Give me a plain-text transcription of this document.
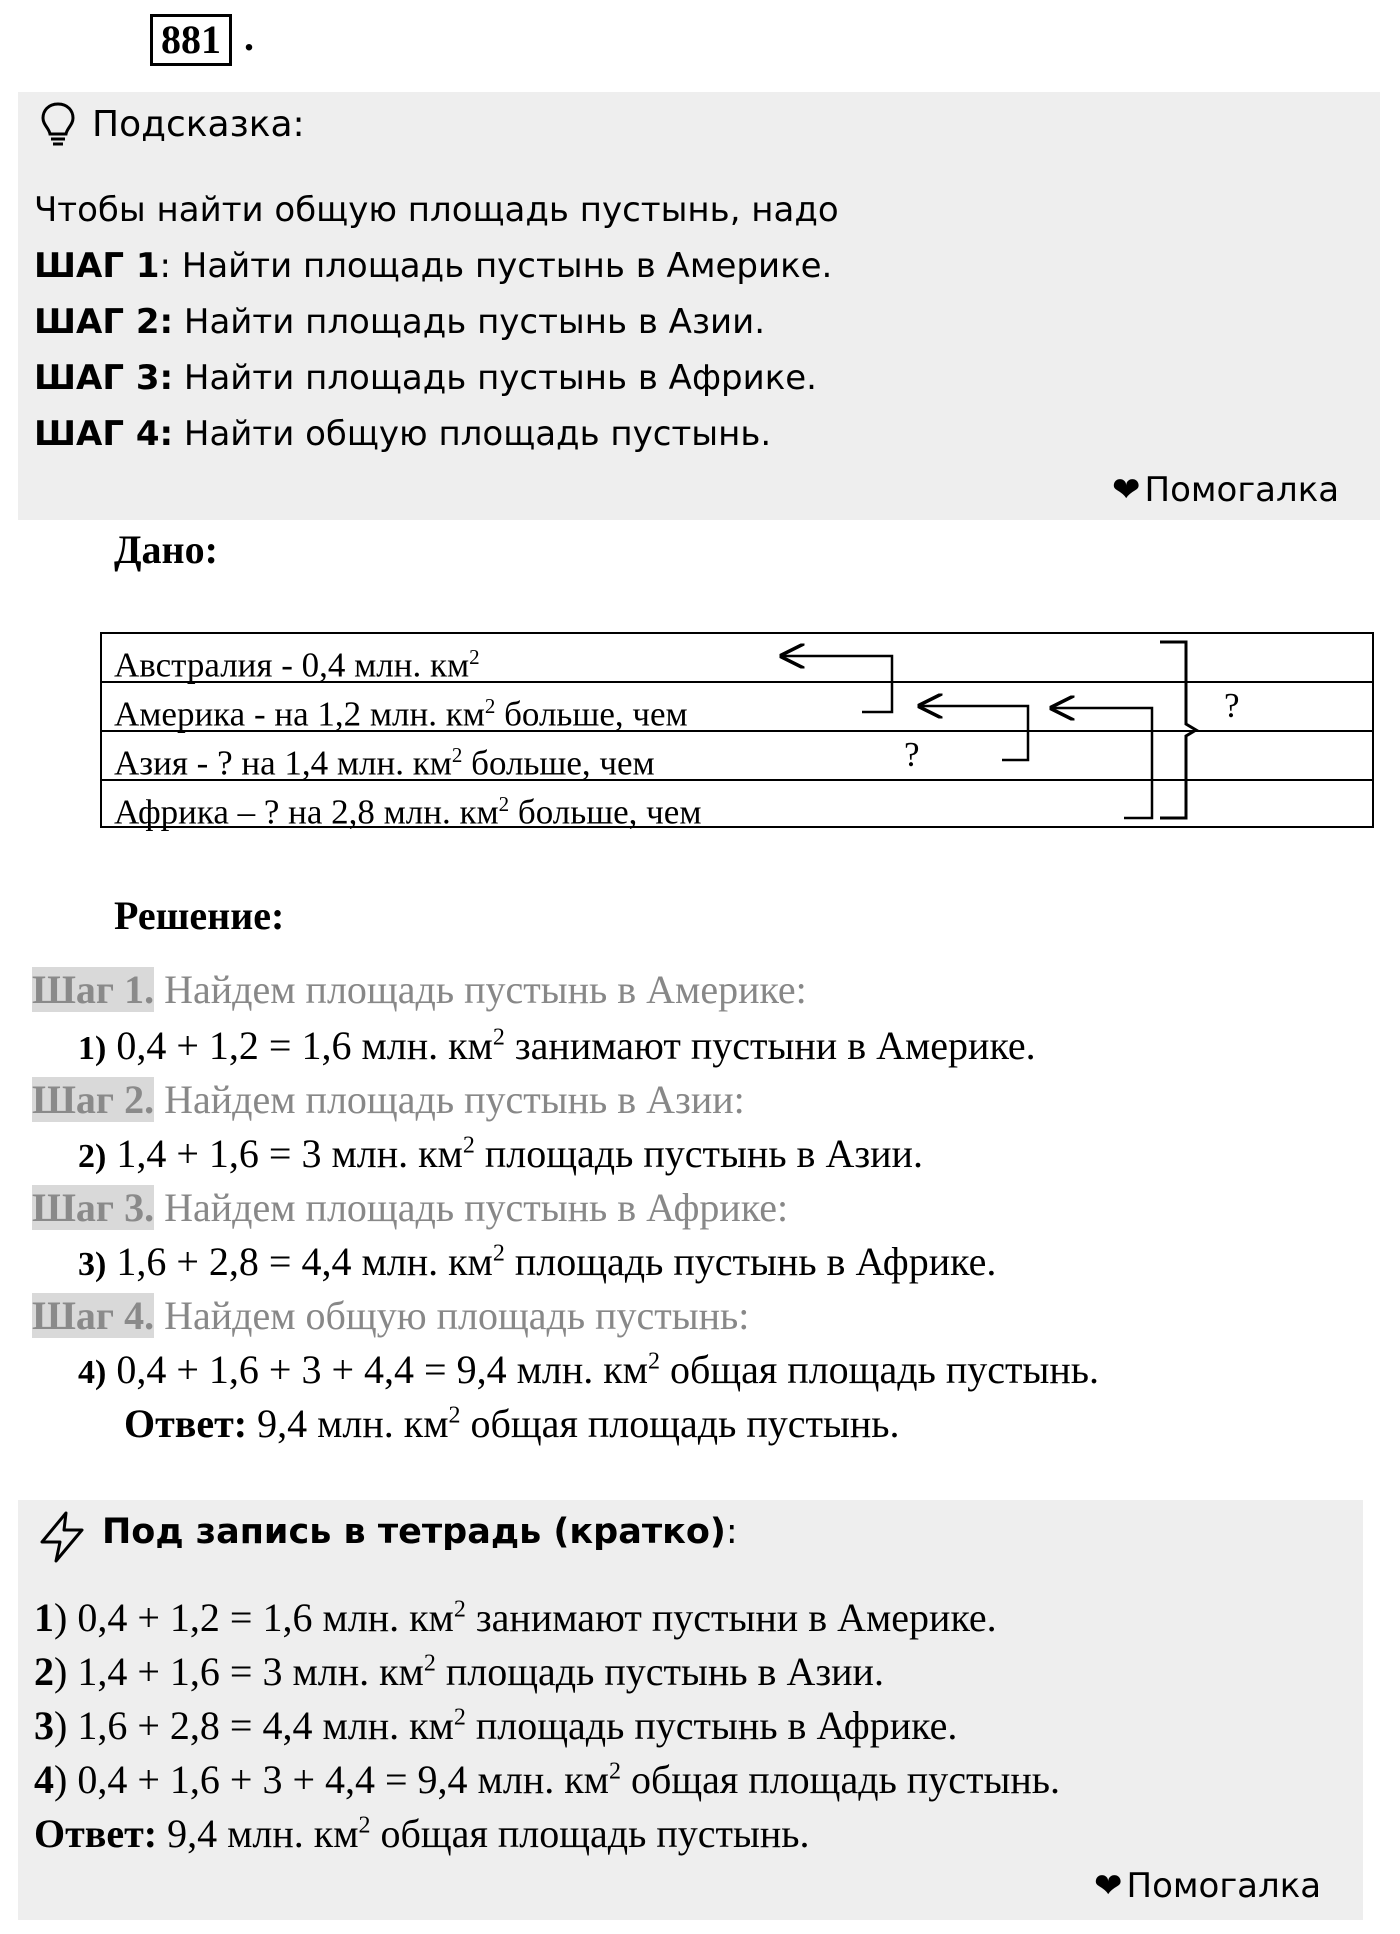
881 .
Подсказка:
Чтобы найти общую площадь пустынь, надо
ШАГ 1: Найти площадь пустынь в Америке.
ШАГ 2: Найти площадь пустынь в Азии.
ШАГ 3: Найти площадь пустынь в Африке.
ШАГ 4: Найти общую площадь пустынь.
❤ Помогалка
Дано:
Австралия - 0,4 млн. $км^2$
Америка - на 1,2 млн. $км^2$ больше, чем
Азия - ? на 1,4 млн. $км^2$ больше, чем
Африка – ? на 2,8 млн. $км^2$ больше, чем
?
?
Решение:
Шаг 1. Найдем площадь пустынь в Америке:
1) 0,4 + 1,2 = 1,6 млн. $км^2$ занимают пустыни в Америке.
Шаг 2. Найдем площадь пустынь в Азии:
2) 1,4 + 1,6 = 3 млн. $км^2$ площадь пустынь в Азии.
Шаг 3. Найдем площадь пустынь в Африке:
3) 1,6 + 2,8 = 4,4 млн. $км^2$ площадь пустынь в Африке.
Шаг 4. Найдем общую площадь пустынь:
4) 0,4 + 1,6 + 3 + 4,4 = 9,4 млн. $км^2$ общая площадь пустынь.
Ответ: 9,4 млн. $км^2$ общая площадь пустынь.
Под запись в тетрадь (кратко):
1) 0,4 + 1,2 = 1,6 млн. $км^2$ занимают пустыни в Америке.
2) 1,4 + 1,6 = 3 млн. $км^2$ площадь пустынь в Азии.
3) 1,6 + 2,8 = 4,4 млн. $км^2$ площадь пустынь в Африке.
4) 0,4 + 1,6 + 3 + 4,4 = 9,4 млн. $км^2$ общая площадь пустынь.
Ответ: 9,4 млн. $км^2$ общая площадь пустынь.
❤ Помогалка
